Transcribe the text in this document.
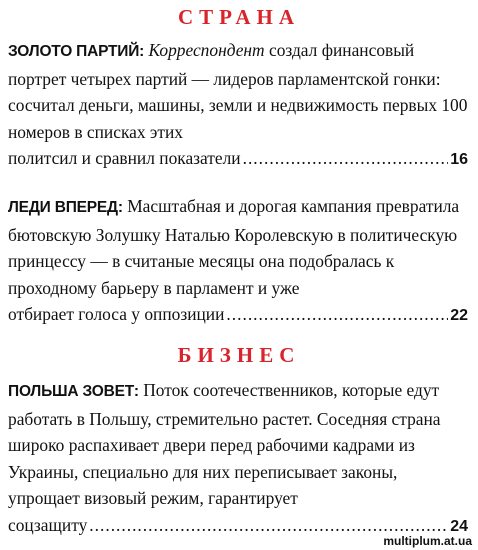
СТРАНА
ЗОЛОТО ПАРТИЙ: Корреспондент создал финансовый портрет четырех партий — лидеров парламентской гонки: сосчитал деньги, машины, земли и недвижимость первых 100 номеров в списках этих
политсил и сравнил показатели .....	16
ЛЕДИ ВПЕРЕД: Масштабная и дорогая кампания превратила бютовскую Золушку Наталью Королевскую в политическую принцессу — в считаные месяцы она подобралась к проходному барьеру в парламент и уже
отбирает голоса у оппозиции .....	22
БИЗНЕС
ПОЛЬША ЗОВЕТ: Поток соотечественников, которые едут работать в Польшу, стремительно растет. Соседняя страна широко распахивает двери перед рабочими кадрами из Украины, специально для них переписывает законы, упрощает визовый режим, гарантирует
соцзащиту .....	24
multiplum.at.ua
